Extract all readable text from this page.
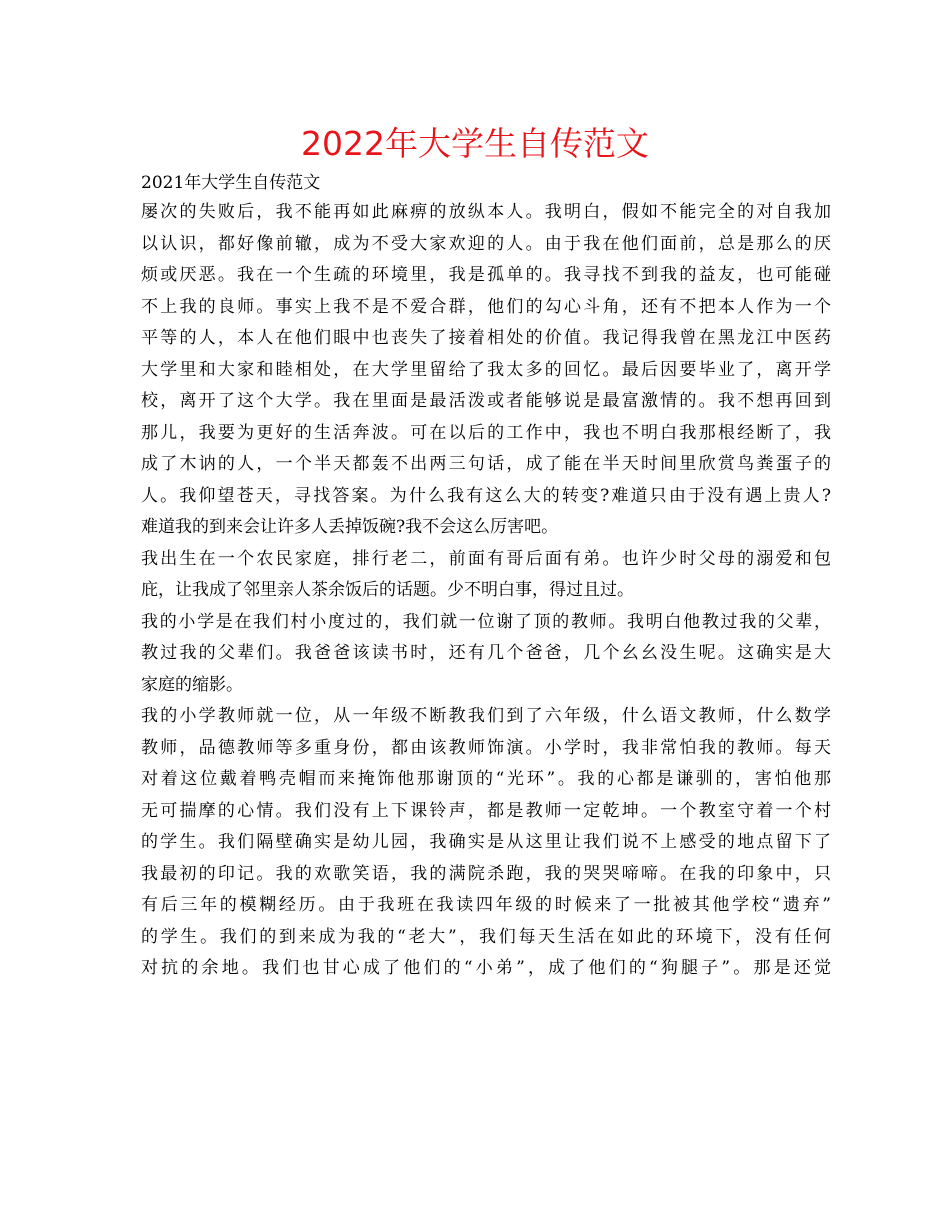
2022年大学生自传范文
2021年大学生自传范文
屡次的失败后，我不能再如此麻痹的放纵本人。我明白，假如不能完全的对自我加
以认识，都好像前辙，成为不受大家欢迎的人。由于我在他们面前，总是那么的厌
烦或厌恶。我在一个生疏的环境里，我是孤单的。我寻找不到我的益友，也可能碰
不上我的良师。事实上我不是不爱合群，他们的勾心斗角，还有不把本人作为一个
平等的人，本人在他们眼中也丧失了接着相处的价值。我记得我曾在黑龙江中医药
大学里和大家和睦相处，在大学里留给了我太多的回忆。最后因要毕业了，离开学
校，离开了这个大学。我在里面是最活泼或者能够说是最富激情的。我不想再回到
那儿，我要为更好的生活奔波。可在以后的工作中，我也不明白我那根经断了，我
成了木讷的人，一个半天都轰不出两三句话，成了能在半天时间里欣赏鸟粪蛋子的
人。我仰望苍天，寻找答案。为什么我有这么大的转变?难道只由于没有遇上贵人?
难道我的到来会让许多人丢掉饭碗?我不会这么厉害吧。
我出生在一个农民家庭，排行老二，前面有哥后面有弟。也许少时父母的溺爱和包
庇，让我成了邻里亲人茶余饭后的话题。少不明白事，得过且过。
我的小学是在我们村小度过的，我们就一位谢了顶的教师。我明白他教过我的父辈，
教过我的父辈们。我爸爸该读书时，还有几个爸爸，几个幺幺没生呢。这确实是大
家庭的缩影。
我的小学教师就一位，从一年级不断教我们到了六年级，什么语文教师，什么数学
教师，品德教师等多重身份，都由该教师饰演。小学时，我非常怕我的教师。每天
对着这位戴着鸭壳帽而来掩饰他那谢顶的“光环”。我的心都是谦驯的，害怕他那
无可揣摩的心情。我们没有上下课铃声，都是教师一定乾坤。一个教室守着一个村
的学生。我们隔壁确实是幼儿园，我确实是从这里让我们说不上感受的地点留下了
我最初的印记。我的欢歌笑语，我的满院杀跑，我的哭哭啼啼。在我的印象中，只
有后三年的模糊经历。由于我班在我读四年级的时候来了一批被其他学校“遗弃”
的学生。我们的到来成为我的“老大”，我们每天生活在如此的环境下，没有任何
对抗的余地。我们也甘心成了他们的“小弟”，成了他们的“狗腿子”。那是还觉
